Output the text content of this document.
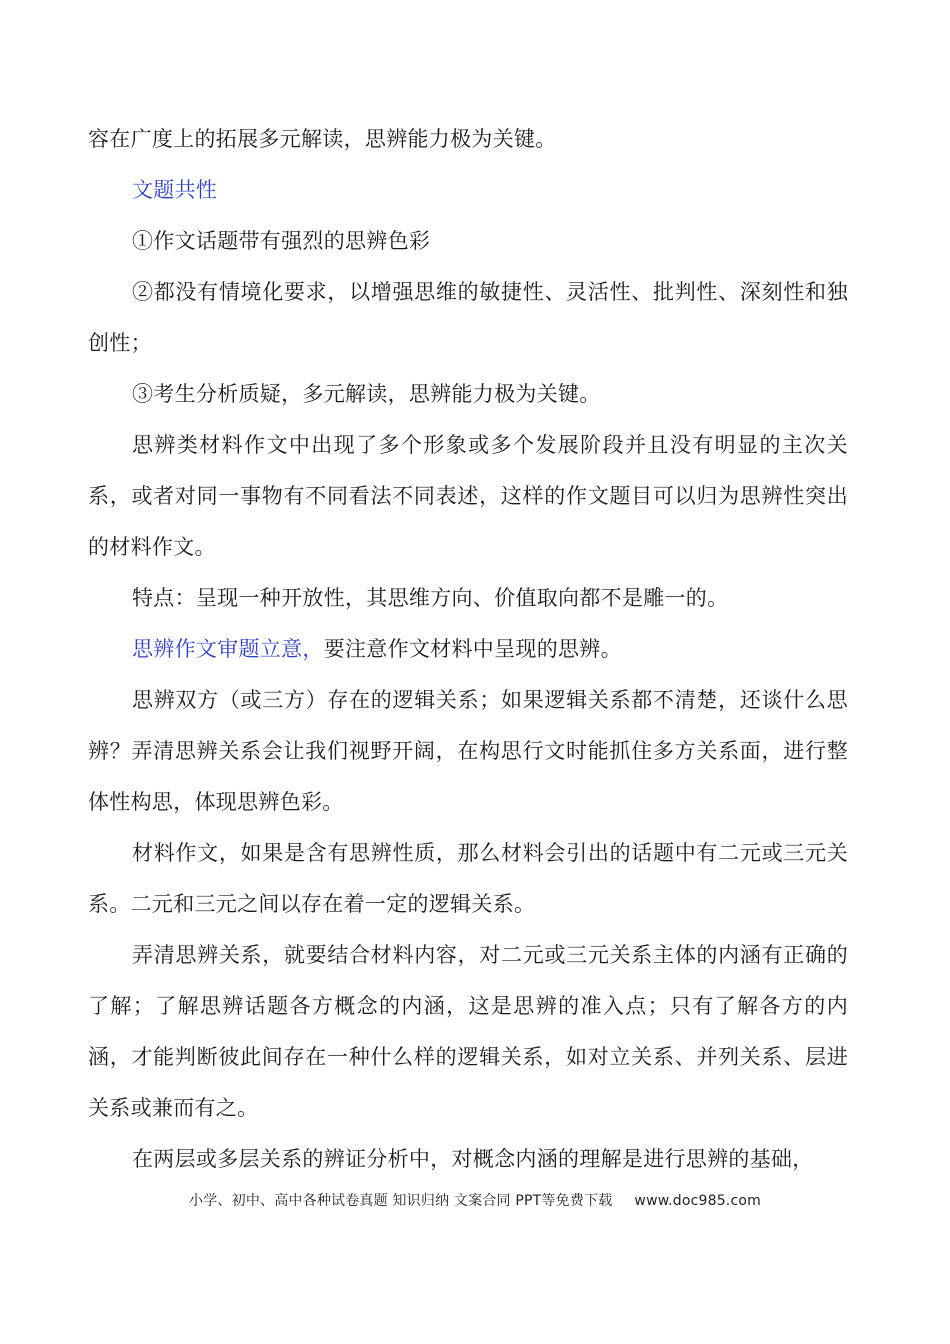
容在广度上的拓展多元解读，思辨能力极为关键。

文题共性

①作文话题带有强烈的思辨色彩

②都没有情境化要求，以增强思维的敏捷性、灵活性、批判性、深刻性和独创性；

③考生分析质疑，多元解读，思辨能力极为关键。

思辨类材料作文中出现了多个形象或多个发展阶段并且没有明显的主次关系，或者对同一事物有不同看法不同表述，这样的作文题目可以归为思辨性突出的材料作文。

特点：呈现一种开放性，其思维方向、价值取向都不是雕一的。

思辨作文审题立意，要注意作文材料中呈现的思辨。

思辨双方（或三方）存在的逻辑关系；如果逻辑关系都不清楚，还谈什么思辨？弄清思辨关系会让我们视野开阔，在构思行文时能抓住多方关系面，进行整体性构思，体现思辨色彩。

材料作文，如果是含有思辨性质，那么材料会引出的话题中有二元或三元关系。二元和三元之间以存在着一定的逻辑关系。

弄清思辨关系，就要结合材料内容，对二元或三元关系主体的内涵有正确的了解；了解思辨话题各方概念的内涵，这是思辨的准入点；只有了解各方的内涵，才能判断彼此间存在一种什么样的逻辑关系，如对立关系、并列关系、层进关系或兼而有之。

在两层或多层关系的辨证分析中，对概念内涵的理解是进行思辨的基础，

小学、初中、高中各种试卷真题 知识归纳 文案合同 PPT等免费下载 www.doc985.com
